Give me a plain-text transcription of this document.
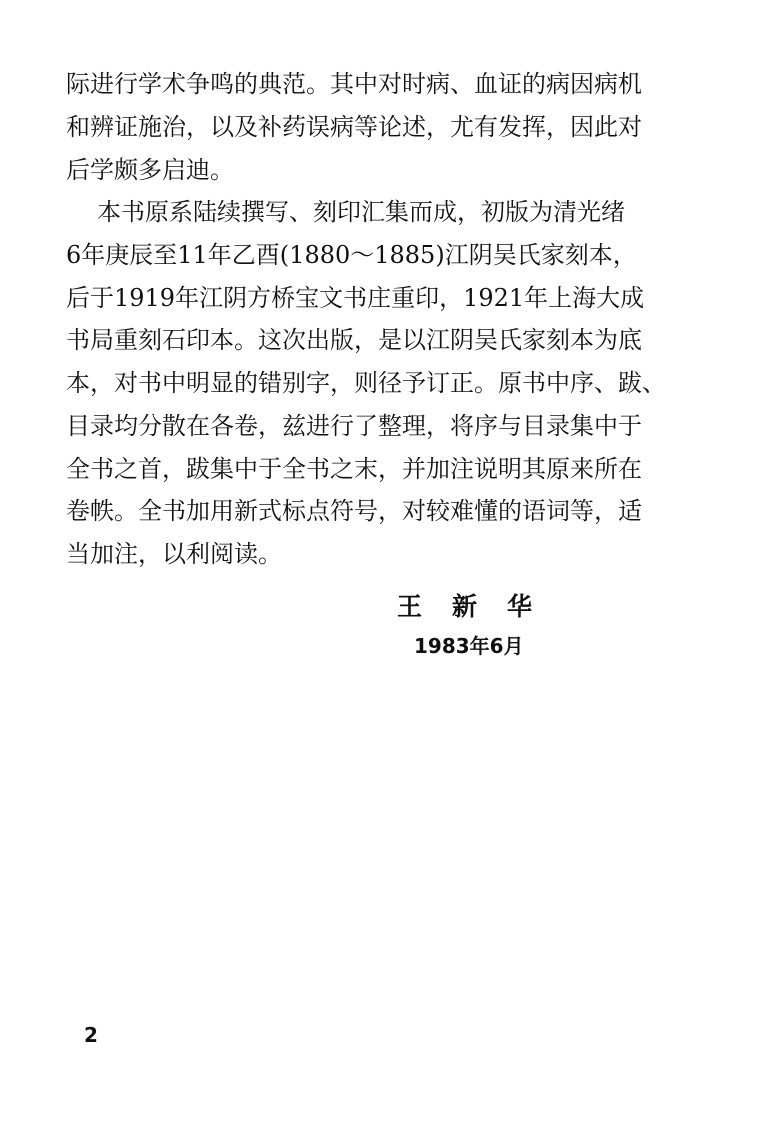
际进行学术争鸣的典范。其中对时病、血证的病因病机
和辨证施治，以及补药误病等论述，尤有发挥，因此对
后学颇多启迪。
本书原系陆续撰写、刻印汇集而成，初版为清光绪
6年庚辰至11年乙酉(1880～1885)江阴吴氏家刻本，
后于1919年江阴方桥宝文书庄重印，1921年上海大成
书局重刻石印本。这次出版，是以江阴吴氏家刻本为底
本，对书中明显的错别字，则径予订正。原书中序、跋、
目录均分散在各卷，兹进行了整理，将序与目录集中于
全书之首，跋集中于全书之末，并加注说明其原来所在
卷帙。全书加用新式标点符号，对较难懂的语词等，适
当加注，以利阅读。
王新华
1983年6月
2
